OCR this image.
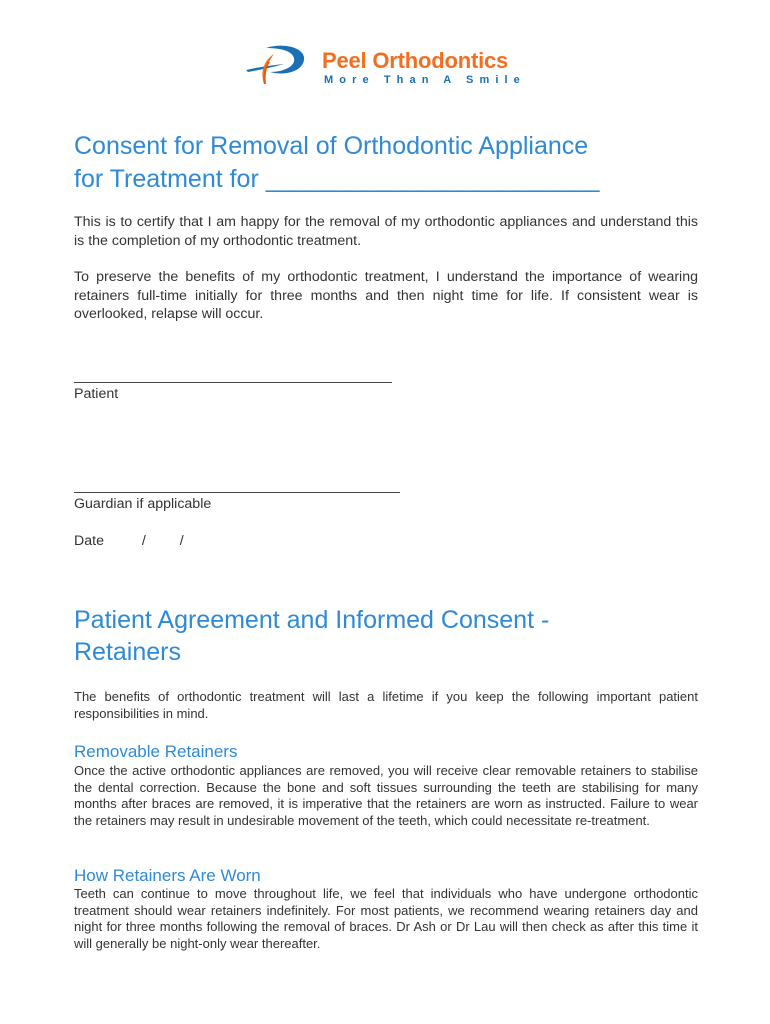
Peel Orthodontics
More Than A Smile
Consent for Removal of Orthodontic Appliance
for Treatment for ________________________

This is to certify that I am happy for the removal of my orthodontic appliances and understand this is the completion of my orthodontic treatment.

To preserve the benefits of my orthodontic treatment, I understand the importance of wearing retainers full-time initially for three months and then night time for life. If consistent wear is overlooked, relapse will occur.

Patient
Guardian if applicable
Date	/ /
Patient Agreement and Informed Consent -
Retainers

The benefits of orthodontic treatment will last a lifetime if you keep the following important patient responsibilities in mind.

Removable Retainers

Once the active orthodontic appliances are removed, you will receive clear removable retainers to stabilise the dental correction. Because the bone and soft tissues surrounding the teeth are stabilising for many months after braces are removed, it is imperative that the retainers are worn as instructed. Failure to wear the retainers may result in undesirable movement of the teeth, which could necessitate re-treatment.

How Retainers Are Worn

Teeth can continue to move throughout life, we feel that individuals who have undergone orthodontic treatment should wear retainers indefinitely. For most patients, we recommend wearing retainers day and night for three months following the removal of braces. Dr Ash or Dr Lau will then check as after this time it will generally be night-only wear thereafter.
